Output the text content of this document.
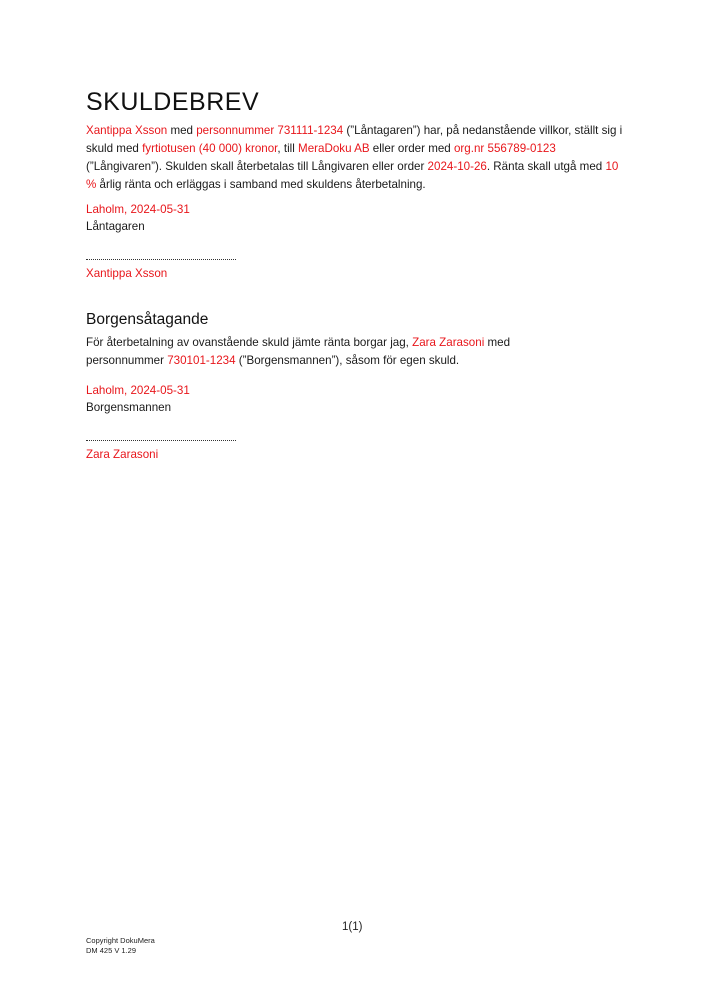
SKULDEBREV

Xantippa Xsson med personnummer 731111-1234 (”Låntagaren”) har, på nedanstående villkor, ställt sig i skuld med fyrtiotusen (40 000) kronor, till MeraDoku AB eller order med org.nr 556789-0123 (”Långivaren”). Skulden skall återbetalas till Långivaren eller order 2024-10-26. Ränta skall utgå med 10 % årlig ränta och erläggas i samband med skuldens återbetalning.

Laholm, 2024-05-31

Låntagaren

Xantippa Xsson

Borgensåtagande

För återbetalning av ovanstående skuld jämte ränta borgar jag, Zara Zarasoni med personnummer 730101-1234 (”Borgensmannen”), såsom för egen skuld.

Laholm, 2024-05-31

Borgensmannen

Zara Zarasoni

1(1)
Copyright DokuMera
DM 425 V 1.29
